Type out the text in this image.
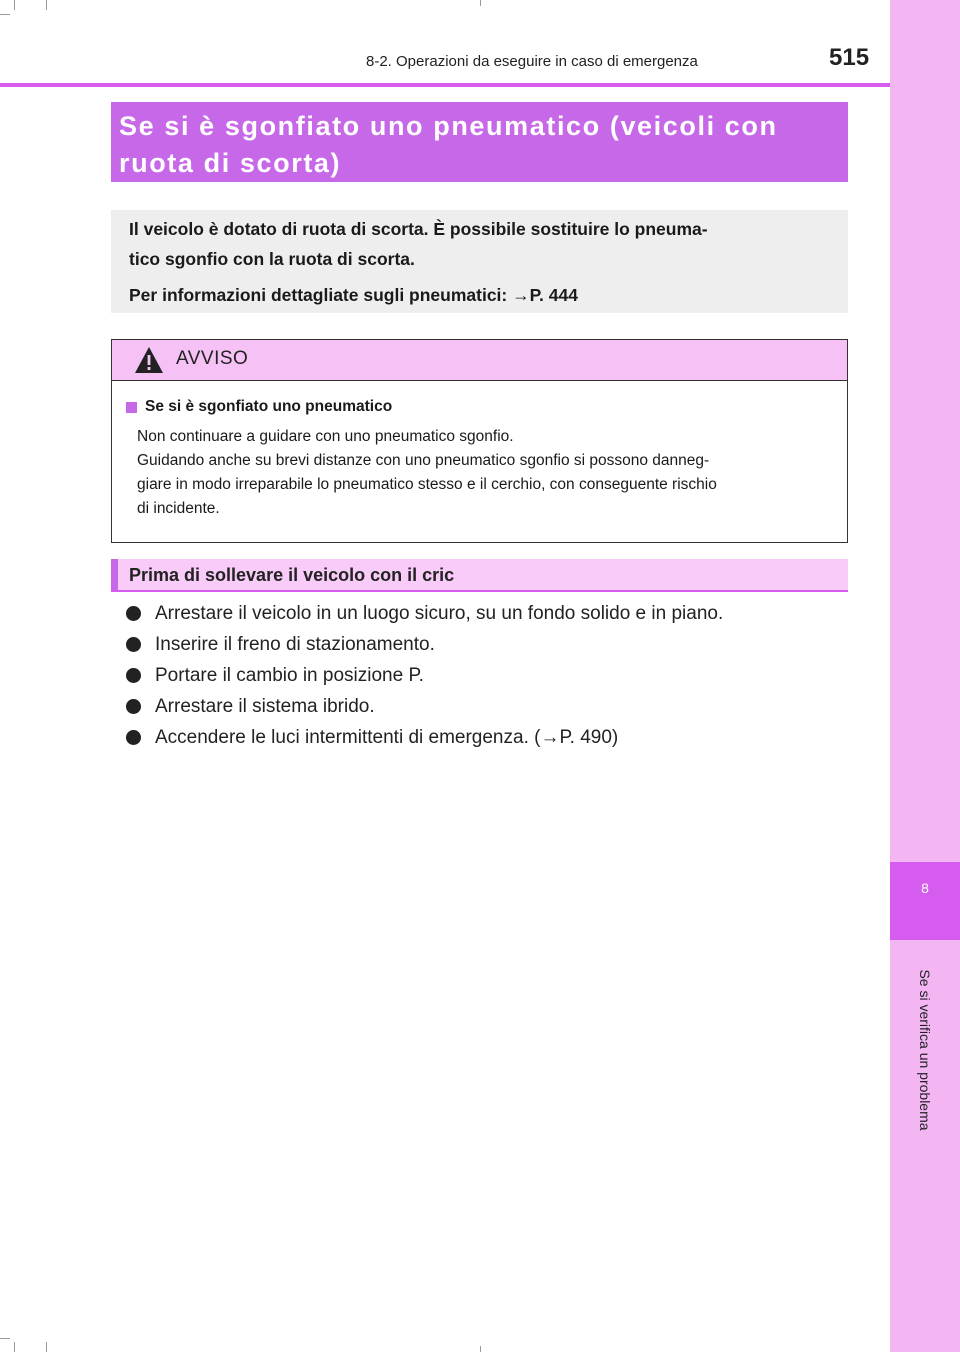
8
Se si verifica un problema
8-2. Operazioni da eseguire in caso di emergenza	515

Se si è sgonfiato uno pneumatico (veicoli con

ruota di scorta)

Il veicolo è dotato di ruota di scorta. È possibile sostituire lo pneuma-

tico sgonfio con la ruota di scorta.

Per informazioni dettagliate sugli pneumatici: →P. 444

AVVISO

Se si è sgonfiato uno pneumatico

Non continuare a guidare con uno pneumatico sgonfio.

Guidando anche su brevi distanze con uno pneumatico sgonfio si possono danneg-

giare in modo irreparabile lo pneumatico stesso e il cerchio, con conseguente rischio

di incidente.

Prima di sollevare il veicolo con il cric
Arrestare il veicolo in un luogo sicuro, su un fondo solido e in piano.
Inserire il freno di stazionamento.
Portare il cambio in posizione P.
Arrestare il sistema ibrido.
Accendere le luci intermittenti di emergenza. (→P. 490)
